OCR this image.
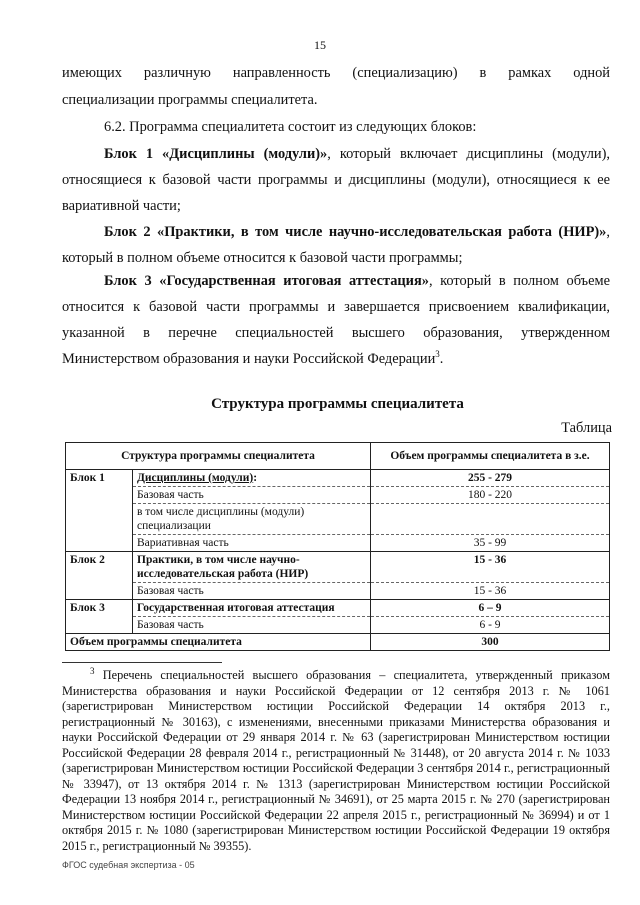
15
имеющих различную направленность (специализацию) в рамках одной
специализации программы специалитета.
6.2. Программа специалитета состоит из следующих блоков:
Блок 1 «Дисциплины (модули)», который включает дисциплины (модули), относящиеся к базовой части программы и дисциплины (модули), относящиеся к ее вариативной части;
Блок 2 «Практики, в том числе научно-исследовательская работа (НИР)», который в полном объеме относится к базовой части программы;
Блок 3 «Государственная итоговая аттестация», который в полном объеме относится к базовой части программы и завершается присвоением квалификации, указанной в перечне специальностей высшего образования, утвержденном Министерством образования и науки Российской Федерации$^3$.
Структура программы специалитета
Таблица
Структура программы специалитета		Объем программы специалитета в з.е.
Блок 1	Дисциплины (модули):	255 - 279
	Базовая часть	180 - 220
	в том числе дисциплины (модули) специализации	
	Вариативная часть	35 - 99
Блок 2	Практики, в том числе научно-исследовательская работа (НИР)	15 - 36
	Базовая часть	15 - 36
Блок 3	Государственная итоговая аттестация	6 – 9
	Базовая часть	6 - 9
Объем программы специалитета		300
$^3$ Перечень специальностей высшего образования – специалитета, утвержденный приказом Министерства образования и науки Российской Федерации от 12 сентября 2013 г. № 1061 (зарегистрирован Министерством юстиции Российской Федерации 14 октября 2013 г., регистрационный № 30163), с изменениями, внесенными приказами Министерства образования и науки Российской Федерации от 29 января 2014 г. № 63 (зарегистрирован Министерством юстиции Российской Федерации 28 февраля 2014 г., регистрационный № 31448), от 20 августа 2014 г. № 1033 (зарегистрирован Министерством юстиции Российской Федерации 3 сентября 2014 г., регистрационный № 33947), от 13 октября 2014 г. № 1313 (зарегистрирован Министерством юстиции Российской Федерации 13 ноября 2014 г., регистрационный № 34691), от 25 марта 2015 г. № 270 (зарегистрирован Министерством юстиции Российской Федерации 22 апреля 2015 г., регистрационный № 36994) и от 1 октября 2015 г. № 1080 (зарегистрирован Министерством юстиции Российской Федерации 19 октября 2015 г., регистрационный № 39355).
ФГОС судебная экспертиза - 05
